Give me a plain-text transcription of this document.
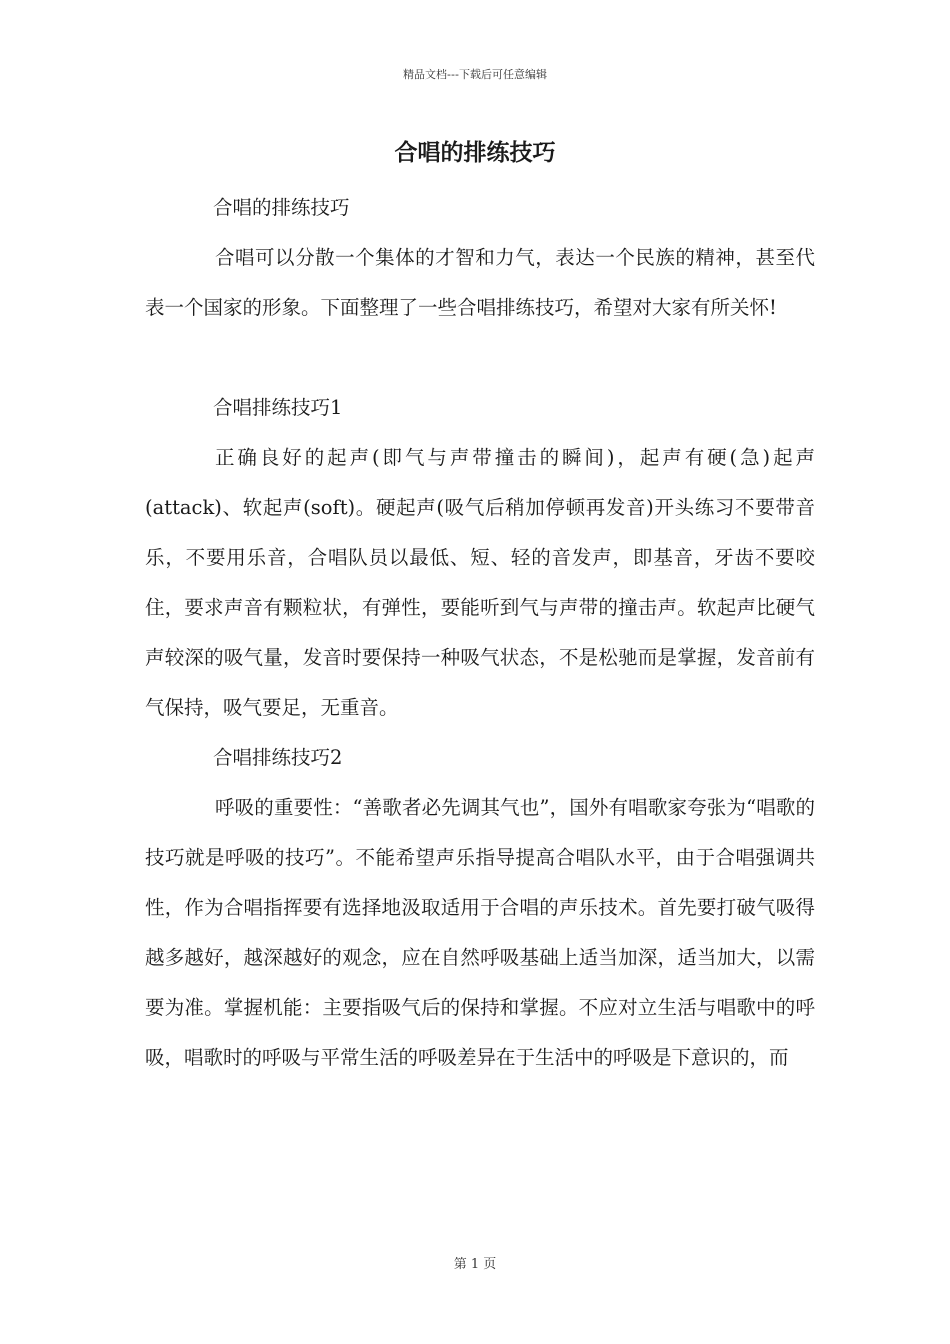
精品文档---下载后可任意编辑
合唱的排练技巧

合唱的排练技巧

合唱可以分散一个集体的才智和力气，表达一个民族的精神，甚至代表一个国家的形象。下面整理了一些合唱排练技巧，希望对大家有所关怀!

合唱排练技巧1

正确良好的起声(即气与声带撞击的瞬间)，起声有硬(急)起声(attack)、软起声(soft)。硬起声(吸气后稍加停顿再发音)开头练习不要带音乐，不要用乐音，合唱队员以最低、短、轻的音发声，即基音，牙齿不要咬住，要求声音有颗粒状，有弹性，要能听到气与声带的撞击声。软起声比硬气声较深的吸气量，发音时要保持一种吸气状态，不是松驰而是掌握，发音前有气保持，吸气要足，无重音。

合唱排练技巧2

呼吸的重要性：“善歌者必先调其气也”，国外有唱歌家夸张为“唱歌的技巧就是呼吸的技巧”。不能希望声乐指导提高合唱队水平，由于合唱强调共性，作为合唱指挥要有选择地汲取适用于合唱的声乐技术。首先要打破气吸得越多越好，越深越好的观念，应在自然呼吸基础上适当加深，适当加大，以需要为准。掌握机能：主要指吸气后的保持和掌握。不应对立生活与唱歌中的呼吸，唱歌时的呼吸与平常生活的呼吸差异在于生活中的呼吸是下意识的，而

第 1 页
